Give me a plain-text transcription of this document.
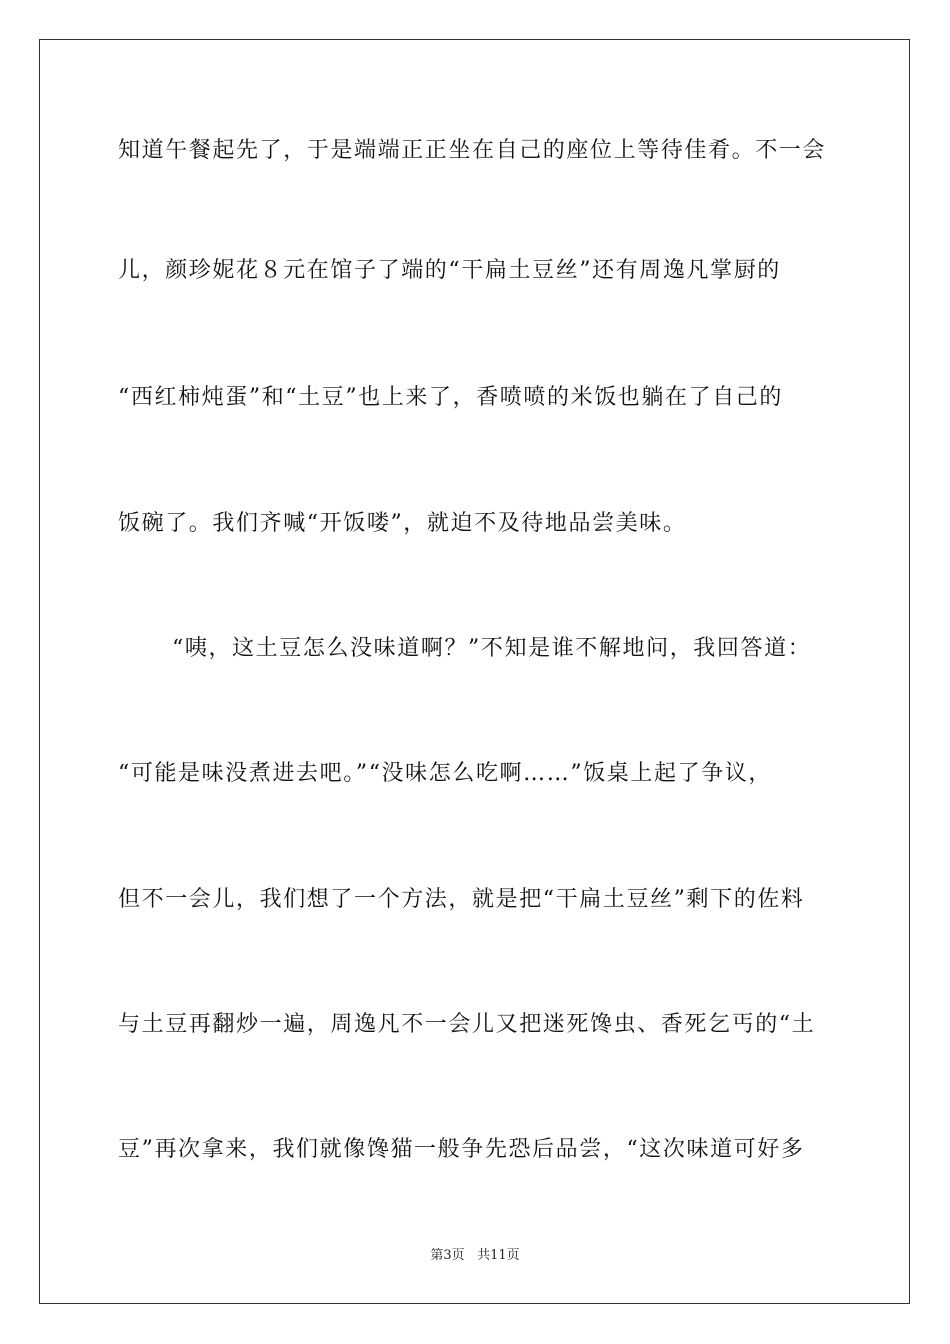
知道午餐起先了，于是端端正正坐在自己的座位上等待佳肴。不一会
儿，颜珍妮花８元在馆子了端的“干扁土豆丝”还有周逸凡掌厨的
“西红柿炖蛋”和“土豆”也上来了，香喷喷的米饭也躺在了自己的
饭碗了。我们齐喊“开饭喽”，就迫不及待地品尝美味。
“咦，这土豆怎么没味道啊？”不知是谁不解地问，我回答道：
“可能是味没煮进去吧。”“没味怎么吃啊……”饭桌上起了争议，
但不一会儿，我们想了一个方法，就是把“干扁土豆丝”剩下的佐料
与土豆再翻炒一遍，周逸凡不一会儿又把迷死馋虫、香死乞丐的“土
豆”再次拿来，我们就像馋猫一般争先恐后品尝，“这次味道可好多
第3页 共11页
